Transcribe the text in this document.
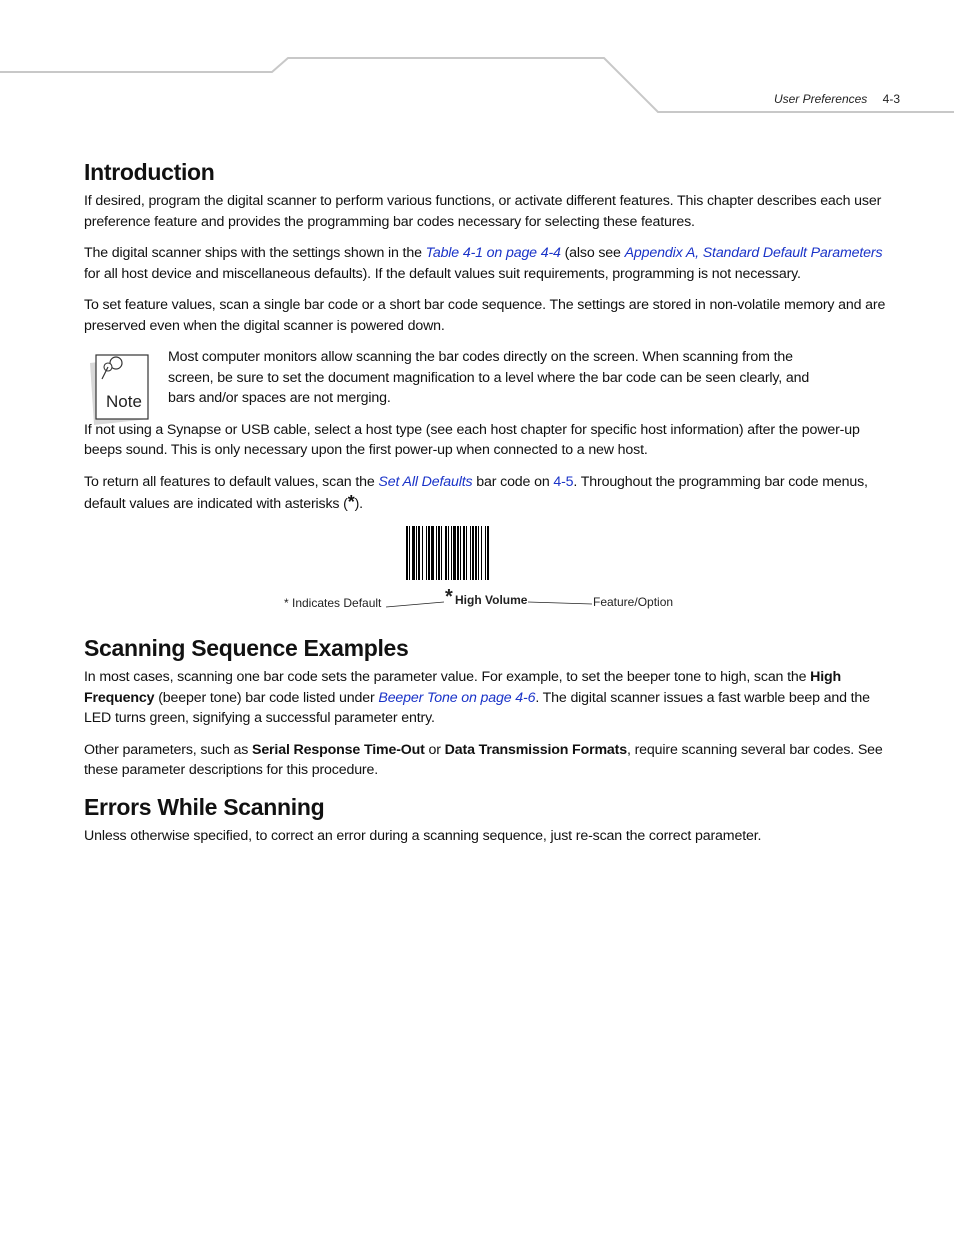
User Preferences 4-3
Introduction

If desired, program the digital scanner to perform various functions, or activate different features. This chapter describes each user preference feature and provides the programming bar codes necessary for selecting these features.

The digital scanner ships with the settings shown in the Table 4-1 on page 4-4 (also see Appendix A, Standard Default Parameters for all host device and miscellaneous defaults). If the default values suit requirements, programming is not necessary.

To set feature values, scan a single bar code or a short bar code sequence. The settings are stored in non-volatile memory and are preserved even when the digital scanner is powered down.

Note

Most computer monitors allow scanning the bar codes directly on the screen. When scanning from the screen, be sure to set the document magnification to a level where the bar code can be seen clearly, and bars and/or spaces are not merging.

If not using a Synapse or USB cable, select a host type (see each host chapter for specific host information) after the power-up beeps sound. This is only necessary upon the first power-up when connected to a new host.

To return all features to default values, scan the Set All Defaults bar code on 4-5. Throughout the programming bar code menus, default values are indicated with asterisks (*).

* Indicates Default	* High Volume	Feature/Option
Scanning Sequence Examples

In most cases, scanning one bar code sets the parameter value. For example, to set the beeper tone to high, scan the High Frequency (beeper tone) bar code listed under Beeper Tone on page 4-6. The digital scanner issues a fast warble beep and the LED turns green, signifying a successful parameter entry.

Other parameters, such as Serial Response Time-Out or Data Transmission Formats, require scanning several bar codes. See these parameter descriptions for this procedure.

Errors While Scanning

Unless otherwise specified, to correct an error during a scanning sequence, just re-scan the correct parameter.
